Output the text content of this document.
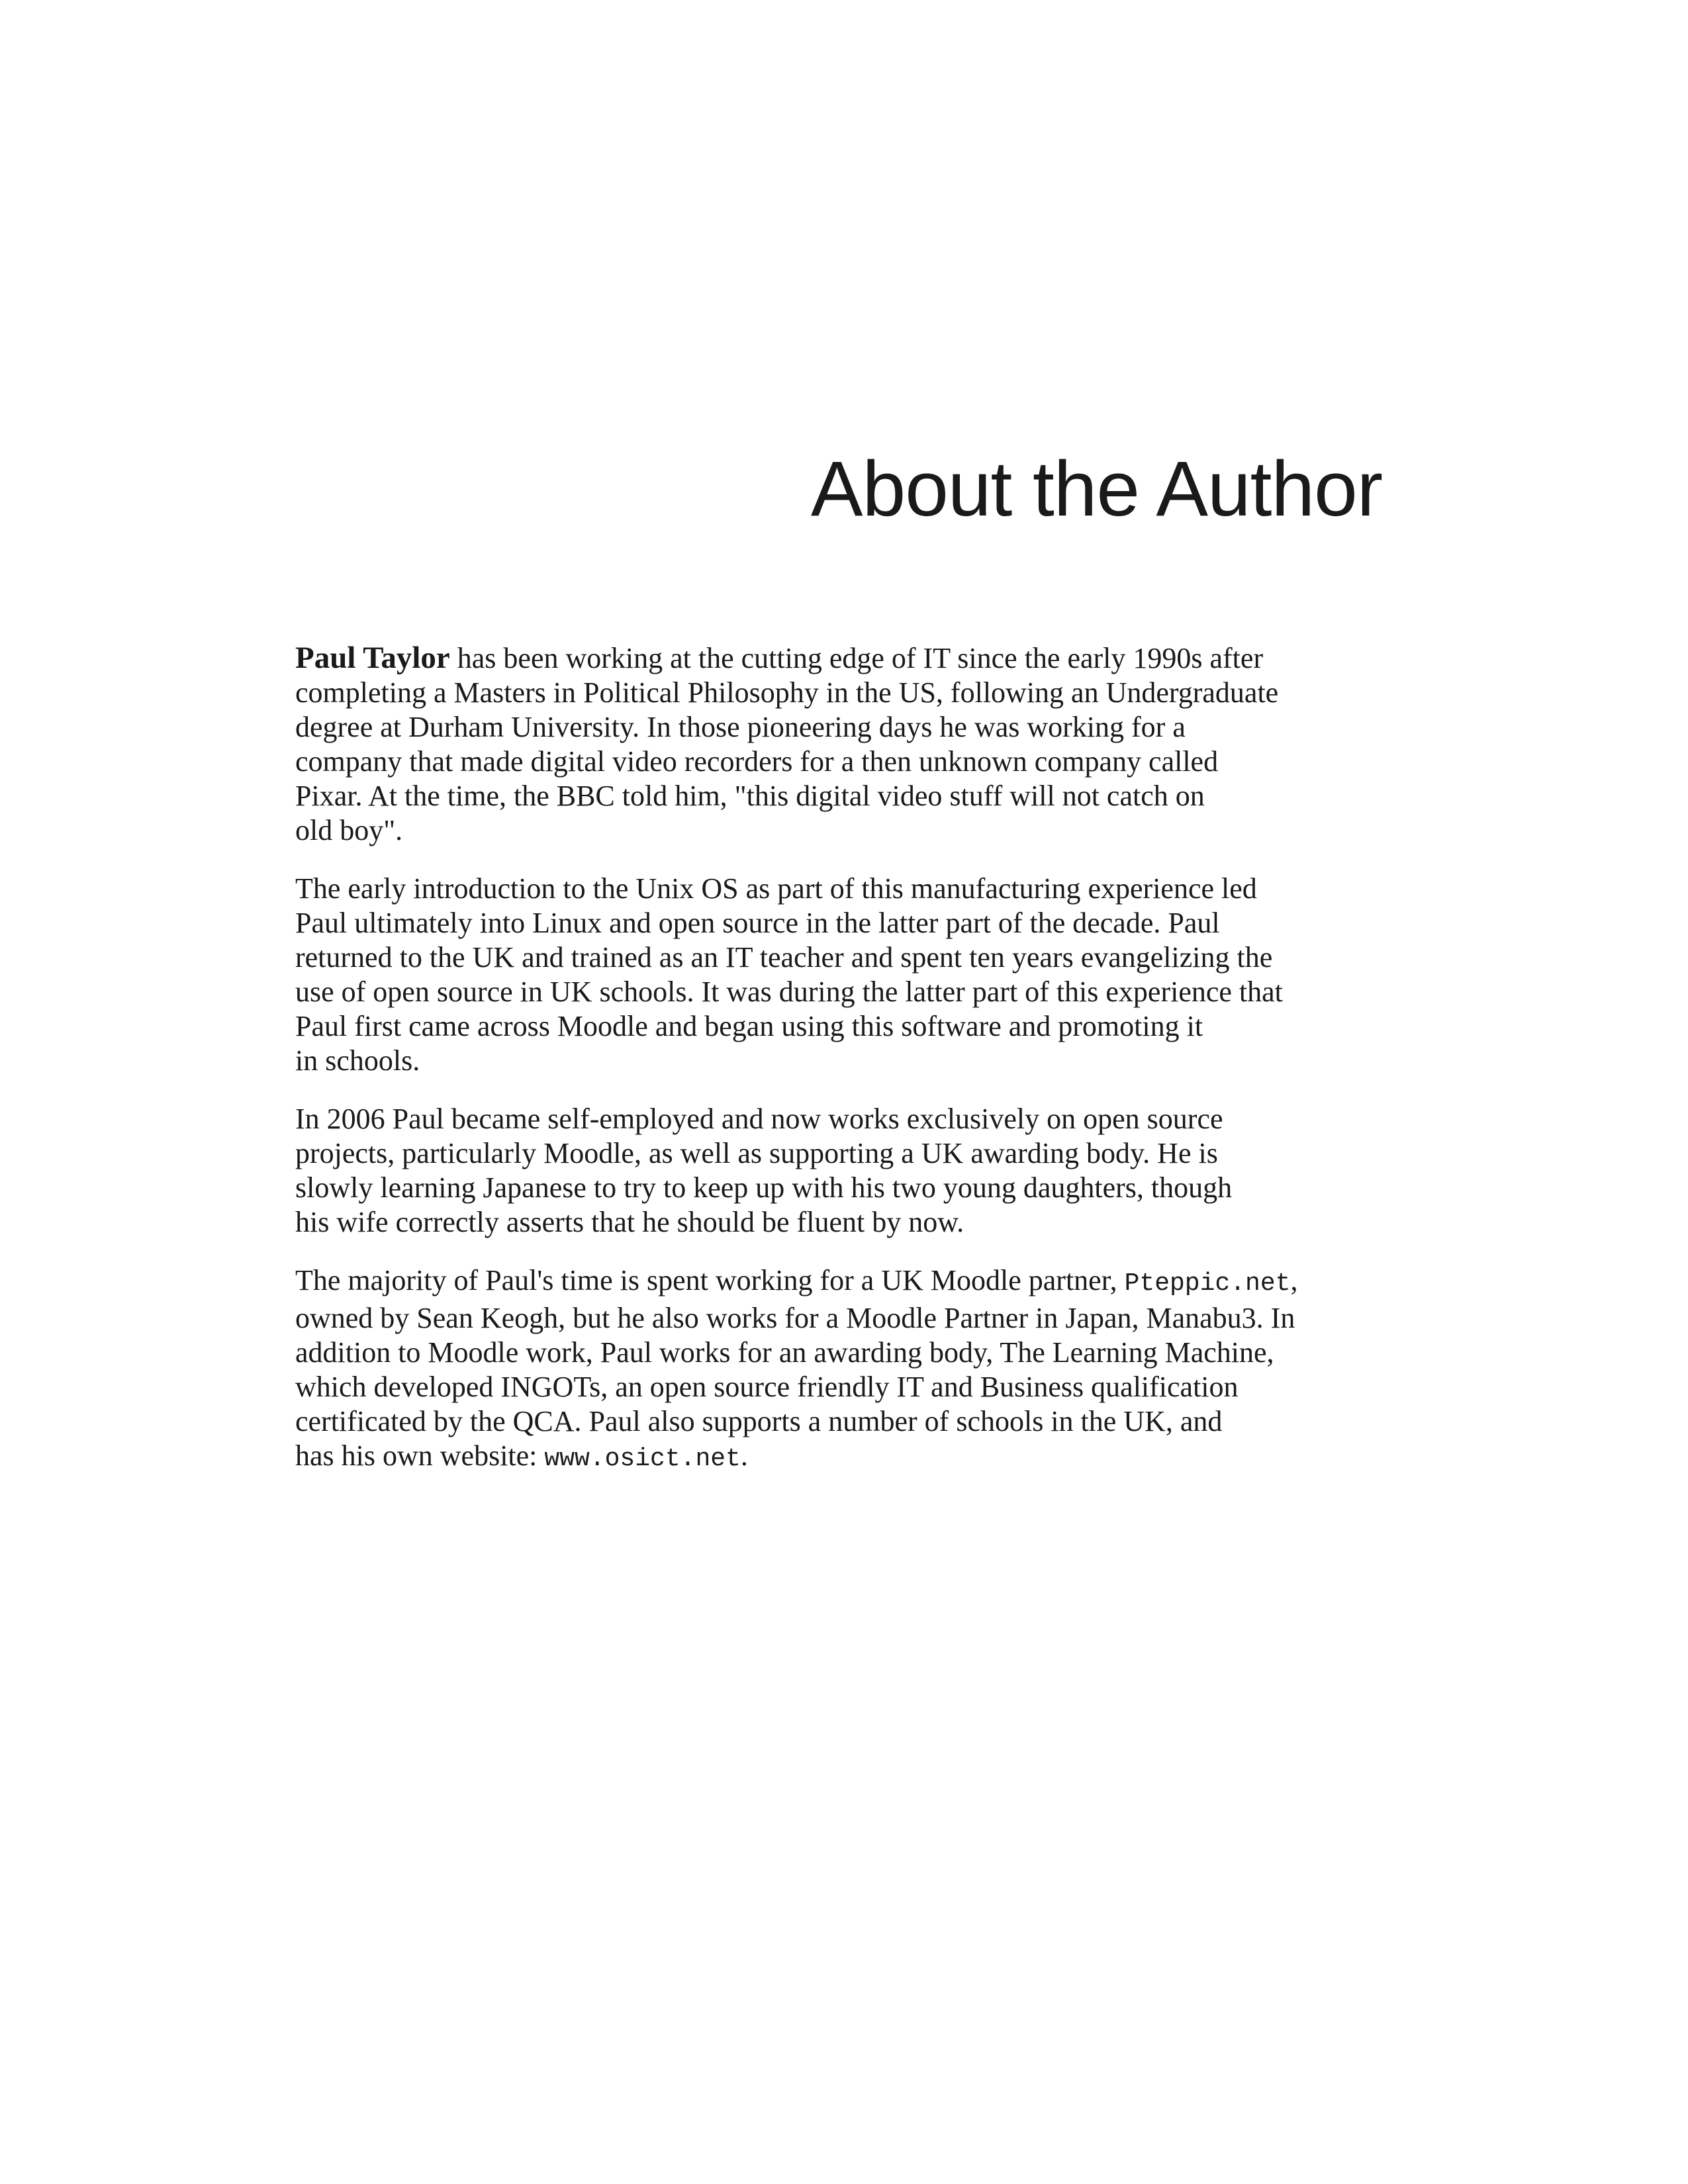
About the Author

Paul Taylor has been working at the cutting edge of IT since the early 1990s after
completing a Masters in Political Philosophy in the US, following an Undergraduate
degree at Durham University. In those pioneering days he was working for a
company that made digital video recorders for a then unknown company called
Pixar. At the time, the BBC told him, "this digital video stuff will not catch on
old boy".

The early introduction to the Unix OS as part of this manufacturing experience led
Paul ultimately into Linux and open source in the latter part of the decade. Paul
returned to the UK and trained as an IT teacher and spent ten years evangelizing the
use of open source in UK schools. It was during the latter part of this experience that
Paul first came across Moodle and began using this software and promoting it
in schools.

In 2006 Paul became self-employed and now works exclusively on open source
projects, particularly Moodle, as well as supporting a UK awarding body. He is
slowly learning Japanese to try to keep up with his two young daughters, though
his wife correctly asserts that he should be fluent by now.

The majority of Paul's time is spent working for a UK Moodle partner, Pteppic.net,
owned by Sean Keogh, but he also works for a Moodle Partner in Japan, Manabu3. In
addition to Moodle work, Paul works for an awarding body, The Learning Machine,
which developed INGOTs, an open source friendly IT and Business qualification
certificated by the QCA. Paul also supports a number of schools in the UK, and
has his own website: www.osict.net.
